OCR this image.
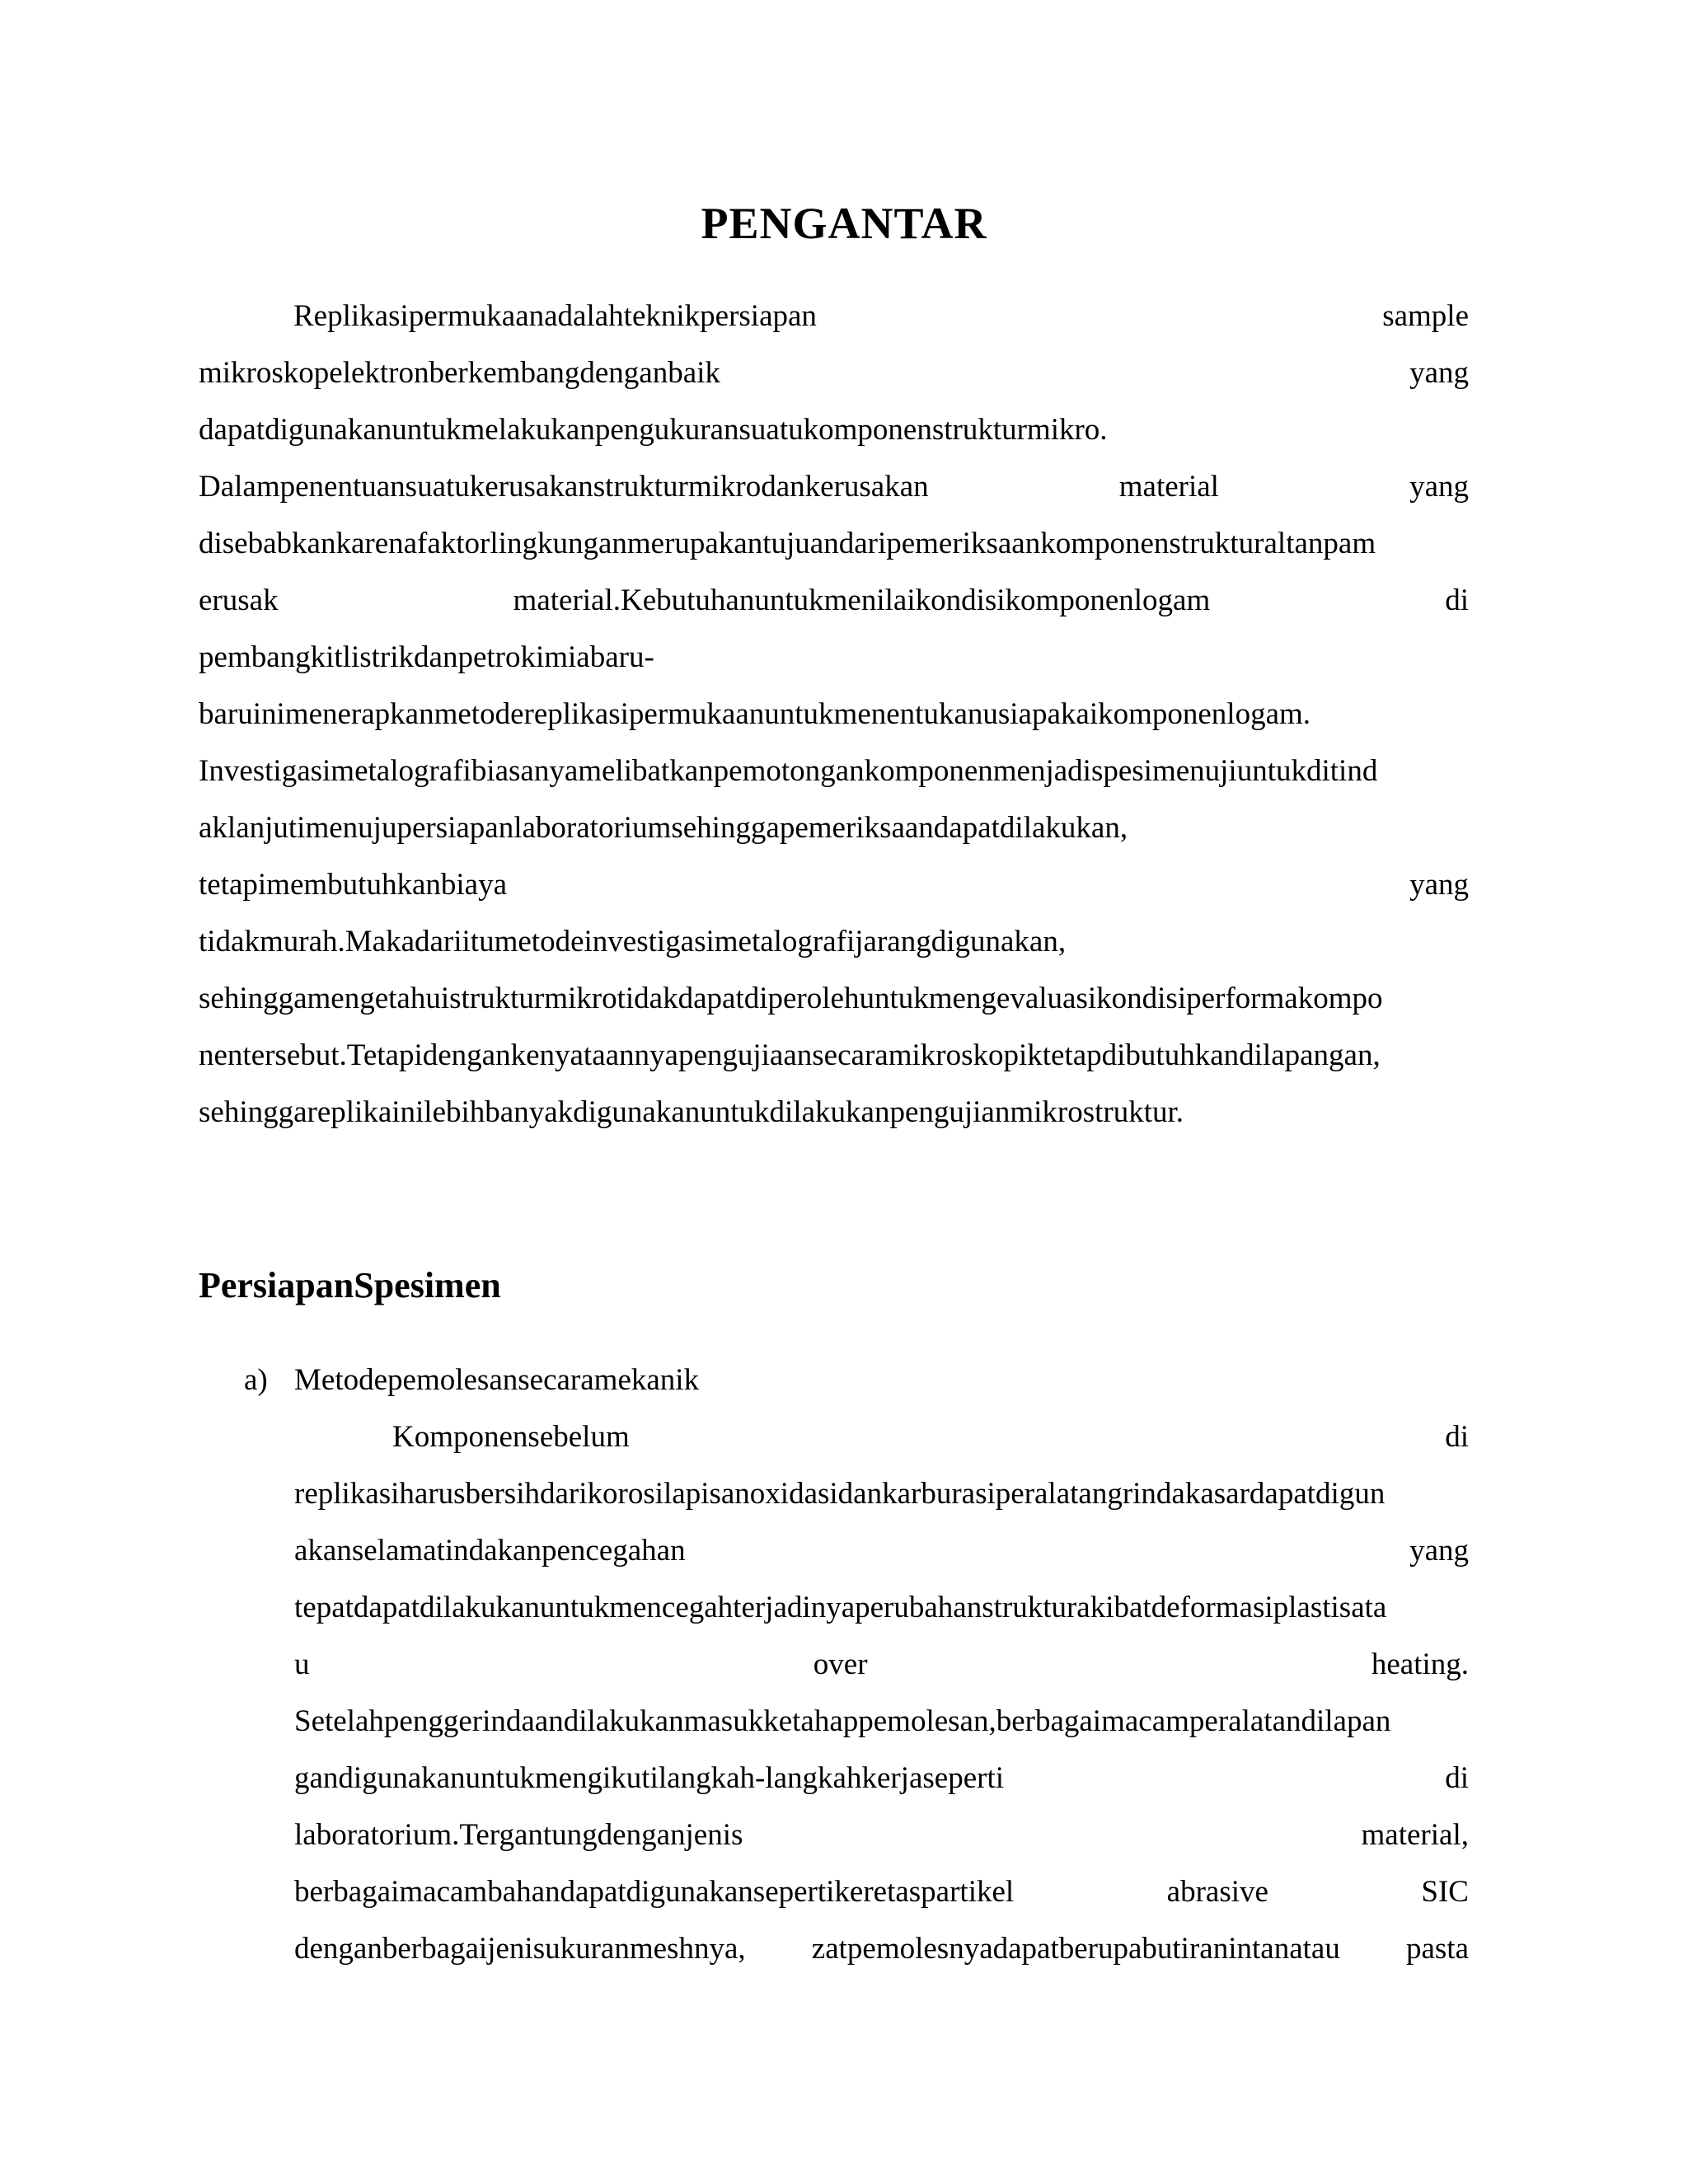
PENGANTAR
Replikasipermukaanadalahteknikpersiapan	sample
mikroskopelektronberkembangdenganbaik	yang
dapatdigunakanuntukmelakukanpengukuransuatukomponenstrukturmikro.
Dalampenentuansuatukerusakanstrukturmikrodankerusakan	material	yang
disebabkankarenafaktorlingkunganmerupakantujuandaripemeriksaankomponenstrukturaltanpam
erusak	material.Kebutuhanuntukmenilaikondisikomponenlogam	di
pembangkitlistrikdanpetrokimiabaru-
baruinimenerapkanmetodereplikasipermukaanuntukmenentukanusiapakaikomponenlogam.
Investigasimetalografibiasanyamelibatkanpemotongankomponenmenjadispesimenujiuntukditind
aklanjutimenujupersiapanlaboratoriumsehinggapemeriksaandapatdilakukan,
tetapimembutuhkanbiaya	yang
tidakmurah.Makadariitumetodeinvestigasimetalografijarangdigunakan,
sehinggamengetahuistrukturmikrotidakdapatdiperolehuntukmengevaluasikondisiperformakompo
nentersebut.Tetapidengankenyataannyapengujiaansecaramikroskopiktetapdibutuhkandilapangan,
sehinggareplikainilebihbanyakdigunakanuntukdilakukanpengujianmikrostruktur.
PersiapanSpesimen
a) Metodepemolesansecaramekanik
Komponensebelum	di
replikasiharusbersihdarikorosilapisanoxidasidankarburasiperalatangrindakasardapatdigun
akanselamatindakanpencegahan	yang
tepatdapatdilakukanuntukmencegahterjadinyaperubahanstrukturakibatdeformasiplastisata
u	over	heating.
Setelahpenggerindaandilakukanmasukketahappemolesan,berbagaimacamperalatandilapan
gandigunakanuntukmengikutilangkah-langkahkerjaseperti	di
laboratorium.Tergantungdenganjenis	material,
berbagaimacambahandapatdigunakansepertikeretaspartikel	abrasive	SIC
denganberbagaijenisukuranmeshnya, zatpemolesnyadapatberupabutiranintanatau pasta
